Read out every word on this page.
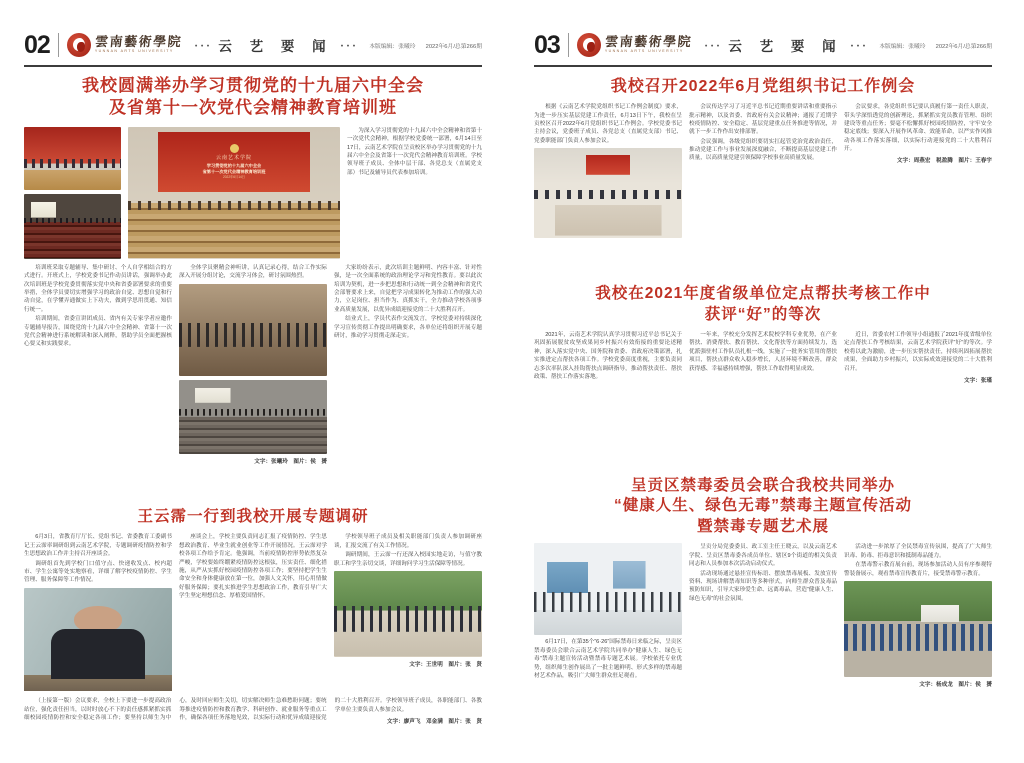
02	雲南藝術學院
YUNNAN ARTS UNIVERSITY
● ● ● 云 艺 要 闻 ● ● ● 本版编辑：张曦玲 2022年6月/总第266期
我校圆满举办学习贯彻党的十九届六中全会
及省第十一次党代会精神教育培训班
云南艺术学院
学习贯彻党的十九届六中全会
省第十一次党代会精神教育培训班
2022年6月14日

为深入学习贯彻党的十九届六中全会精神和省第十一次党代会精神，根据学校党委统一部署，6月14日至17日，云南艺术学院在呈贡校区举办学习贯彻党的十九届六中全会及省第十一次党代会精神教育培训班。学校领导班子成员、全体中层干部、各党总支（直属党支部）书记及辅导员代表参加培训。

培训班采取专题辅导、集中研讨、个人自学相结合的方式进行。开班式上，学校党委书记作动员讲话，强调举办此次培训班是学校党委贯彻落实党中央和省委部署要求的重要举措，全体学员要切实增强学习的政治自觉、思想自觉和行动自觉，在学懂弄通做实上下功夫，做到学思用贯通、知信行统一。

培训期间，省委宣讲团成员、省内有关专家学者应邀作专题辅导报告，围绕党的十九届六中全会精神、省第十一次党代会精神进行系统解读和深入阐释，帮助学员全面把握核心要义和实践要求。

全体学员聚精会神听讲，认真记录心得，结合工作实际深入开展分组讨论，交流学习体会，研讨氛围热烈。

文字：张曦玲　图片：侯　赟

大家纷纷表示，此次培训主题鲜明、内容丰富、针对性强，是一次全面系统的政治理论学习和党性教育。要以此次培训为契机，进一步把思想和行动统一到全会精神和省党代会部署要求上来，自觉把学习成果转化为推动工作的强大动力，立足岗位、担当作为、真抓实干，全力推动学校各项事业高质量发展，以优异成绩迎接党的二十大胜利召开。

结业式上，学员代表作交流发言，学校党委对持续深化学习宣传贯彻工作提出明确要求，各单位还将组织开展专题研讨，推动学习贯彻走深走实。

王云霈一行到我校开展专题调研

6月3日，省教育厅厅长、党组书记、省委教育工委副书记王云霈率调研组到云南艺术学院，专题调研疫情防控和学生思想政治工作并主持召开座谈会。

调研组首先到学校门口值守点、快递收发点、校内超市、学生公寓等处实地察看，详细了解学校疫情防控、学生管理、服务保障等工作情况。

座谈会上，学校主要负责同志汇报了疫情防控、学生思想政治教育、毕业生就业创业等工作开展情况。王云霈对学校各项工作给予肯定。他强调，当前疫情防控形势依然复杂严峻，学校要始终绷紧疫情防控这根弦，压实责任、细化措施，从严从实抓好校园疫情防控各项工作；要坚持把学生生命安全和身体健康放在第一位，加强人文关怀，用心用情做好服务保障；要扎实推进学生思想政治工作，教育引导广大学生坚定理想信念、厚植爱国情怀。

学校领导班子成员及相关职能部门负责人参加调研座谈，汇报交流了有关工作情况。

调研期间，王云霈一行还深入校园实地走访，与值守教职工和学生亲切交谈，详细询问学习生活保障等情况。

文字：王世明　图片：张　贤

（上接第一版）会议要求，全校上下要进一步提高政治站位，强化责任担当，以时时放心不下的责任感抓紧抓实抓细校园疫情防控和安全稳定各项工作；要坚持以师生为中心，及时回应师生关切，切实解决师生急难愁盼问题；要统筹推进疫情防控和教育教学、科研创作、就业服务等重点工作，确保各项任务落地见效，以实际行动和优异成绩迎接党的二十大胜利召开。学校领导班子成员，各职能部门、各教学单位主要负责人参加会议。

文字：廖声飞　邓金满　图片：张　贤
03	雲南藝術學院
YUNNAN ARTS UNIVERSITY
● ● ● 云 艺 要 闻 ● ● ● 本版编辑：张曦玲 2022年6月/总第266期
我校召开2022年6月党组织书记工作例会

根据《云南艺术学院党组织书记工作例会制度》要求，为进一步压实基层党建工作责任，6月13日下午，我校在呈贡校区召开2022年6月党组织书记工作例会。学校党委书记主持会议，党委班子成员、各党总支（直属党支部）书记、党委职能部门负责人参加会议。

会议传达学习了习近平总书记近期重要讲话和重要指示批示精神，以及省委、省政府有关会议精神；通报了近期学校疫情防控、安全稳定、基层党建重点任务推进等情况，并就下一步工作作出安排部署。

会议强调，各级党组织要切实扛起管党治党政治责任，推动党建工作与事业发展深度融合，不断提高基层党建工作质量，以高质量党建引领保障学校事业高质量发展。

会议要求，各党组织书记要认真履行第一责任人职责，带头学深悟透党的创新理论，抓紧抓实党员教育管理、组织建设等重点任务；要毫不松懈抓好校园疫情防控，守牢安全稳定底线；要深入开展作风革命、效能革命，以严实作风推动各项工作落实落细，以实际行动迎接党的二十大胜利召开。

文字：周燕宏　税盈腾　图片：王春宇
我校在2021年度省级单位定点帮扶考核工作中
获评“好”的等次

2021年，云南艺术学院认真学习贯彻习近平总书记关于巩固拓展脱贫攻坚成果同乡村振兴有效衔接的重要论述精神，深入落实党中央、国务院和省委、省政府决策部署，扎实推进定点帮扶各项工作。学校党委高度重视，主要负责同志多次率队深入挂钩帮扶点调研指导，推动帮扶责任、帮扶政策、帮扶工作落实落地。

一年来，学校充分发挥艺术院校学科专业优势，在产业帮扶、消费帮扶、教育帮扶、文化帮扶等方面持续发力，选优派强驻村工作队员扎根一线，实施了一批务实管用的帮扶项目，帮扶点群众收入稳步增长，人居环境不断改善，群众获得感、幸福感持续增强，帮扶工作取得明显成效。

近日，省委农村工作领导小组通报了2021年度省级单位定点帮扶工作考核结果，云南艺术学院获评“好”的等次。学校将以此为激励，进一步压实帮扶责任，持续巩固拓展帮扶成果，全面助力乡村振兴，以实际成效迎接党的二十大胜利召开。

文字：张瑾
呈贡区禁毒委员会联合我校共同举办
“健康人生、绿色无毒”禁毒主题宣传活动
暨禁毒专题艺术展

6月17日，在第35个“6·26”国际禁毒日来临之际，呈贡区禁毒委员会联合云南艺术学院共同举办“健康人生、绿色无毒”禁毒主题宣传活动暨禁毒专题艺术展。学校依托专业优势，组织师生创作展出了一批主题鲜明、形式多样的禁毒题材艺术作品，吸引广大师生群众驻足观看。

呈贡分局党委委员、政工室主任王晓云，以及云南艺术学院、呈贡区禁毒委各成员单位、辖区9个街道的相关负责同志和人员参加本次活动启动仪式。

活动现场通过悬挂宣传标语、摆放禁毒展板、发放宣传资料、现场讲解禁毒知识等多种形式，向师生群众普及毒品预防知识，引导大家珍爱生命、远离毒品，营造“健康人生、绿色无毒”的社会氛围。

活动进一步浓厚了全民禁毒宣传氛围，提高了广大师生识毒、防毒、拒毒意识和抵制毒品能力。

在禁毒警示教育展台前，现场参加活动人员有序参观特警装备展示，观看禁毒宣传教育片，接受禁毒警示教育。

文字：杨成龙　图片：侯　赟
